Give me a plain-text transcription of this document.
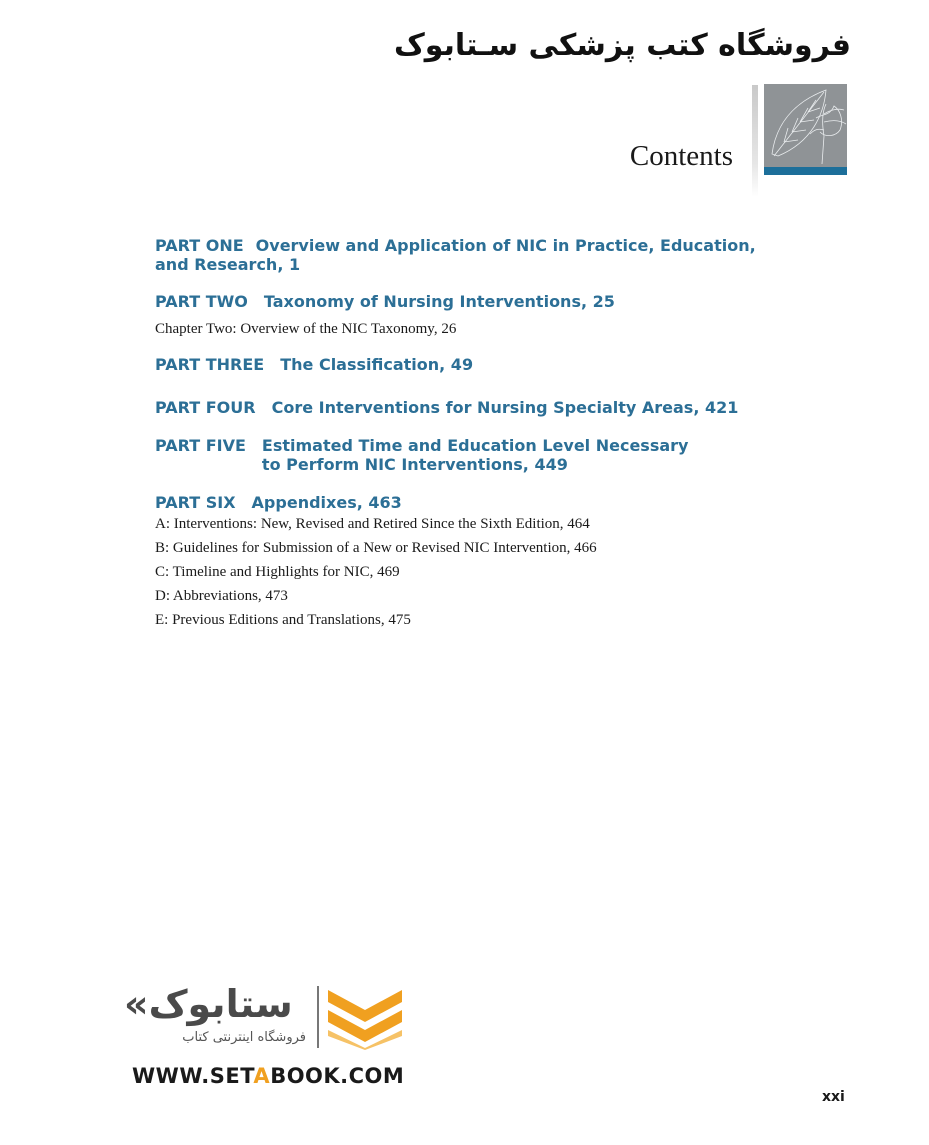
فروشگاه کتب پزشکی سـتابوک
Contents
PART ONE Overview and Application of NIC in Practice, Education, and Research, 1
PART TWO Taxonomy of Nursing Interventions, 25
Chapter Two: Overview of the NIC Taxonomy, 26
PART THREE The Classification, 49
PART FOUR Core Interventions for Nursing Specialty Areas, 421
PART FIVE Estimated Time and Education Level Necessary to Perform NIC Interventions, 449
PART SIX Appendixes, 463
A: Interventions: New, Revised and Retired Since the Sixth Edition, 464
B: Guidelines for Submission of a New or Revised NIC Intervention, 466
C: Timeline and Highlights for NIC, 469
D: Abbreviations, 473
E: Previous Editions and Translations, 475
«ستابوک
فروشگاه اینترنتی کتاب
WWW.SETABOOK.COM
xxi
